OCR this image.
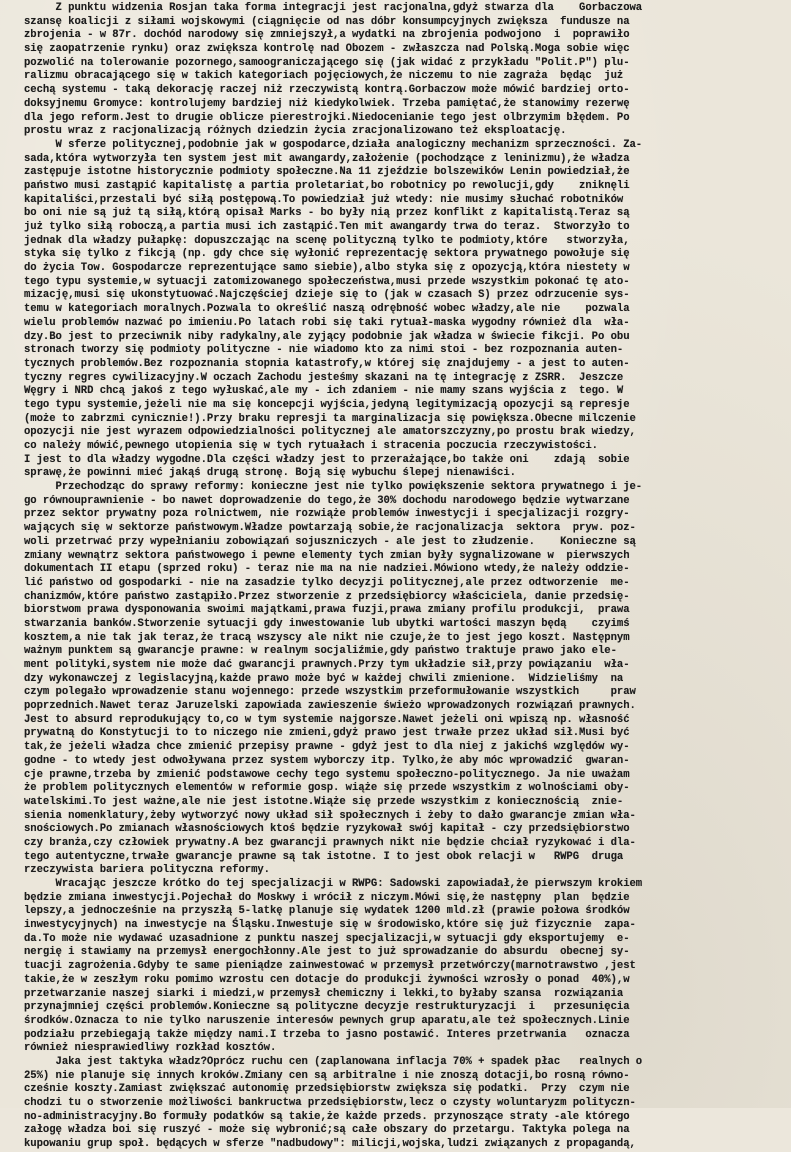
Z punktu widzenia Rosjan taka forma integracji jest racjonalna,gdyż stwarza dla    Gorbaczowa
szansę koalicji z siłami wojskowymi (ciągnięcie od nas dóbr konsumpcyjnych zwiększa  fundusze na
zbrojenia - w 87r. dochód narodowy się zmniejszył,a wydatki na zbrojenia podwojono  i  poprawiło
się zaopatrzenie rynku) oraz zwiększa kontrolę nad Obozem - zwłaszcza nad Polską.Moga sobie więc
pozwolić na tolerowanie pozornego,samoograniczającego się (jak widać z przykładu "Polit.P") plu-
ralizmu obracającego się w takich kategoriach pojęciowych,że niczemu to nie zagraża  będąc  już
cechą systemu - taką dekorację raczej niż rzeczywistą kontrą.Gorbaczow może mówić bardziej orto-
doksyjnemu Gromyce: kontrolujemy bardziej niż kiedykolwiek. Trzeba pamiętać,że stanowimy rezerwę
dla jego reform.Jest to drugie oblicze pierestrojki.Niedocenianie tego jest olbrzymim błędem. Po
prostu wraz z racjonalizacją różnych dziedzin życia zracjonalizowano też eksploatację.
W sferze politycznej,podobnie jak w gospodarce,działa analogiczny mechanizm sprzeczności. Za-
sada,która wytworzyła ten system jest mit awangardy,założenie (pochodzące z leninizmu),że władza
zastępuje istotne historycznie podmioty społeczne.Na 11 zjeździe bolszewików Lenin powiedział,że
państwo musi zastąpić kapitalistę a partia proletariat,bo robotnicy po rewolucji,gdy    zniknęli
kapitaliści,przestali być siłą postępową.To powiedział już wtedy: nie musimy słuchać robotników
bo oni nie są już tą siłą,którą opisał Marks - bo były nią przez konflikt z kapitalistą.Teraz są
już tylko siłą roboczą,a partia musi ich zastąpić.Ten mit awangardy trwa do teraz.  Stworzyło to
jednak dla władzy pułapkę: dopuszczając na scenę polityczną tylko te podmioty,które   stworzyła,
styka się tylko z fikcją (np. gdy chce się wyłonić reprezentację sektora prywatnego powołuje się
do życia Tow. Gospodarcze reprezentujące samo siebie),albo styka się z opozycją,która niestety w
tego typu systemie,w sytuacji zatomizowanego społeczeństwa,musi przede wszystkim pokonać tę ato-
mizację,musi się ukonstytuować.Najczęściej dzieje się to (jak w czasach S) przez odrzucenie sys-
temu w kategoriach moralnych.Pozwala to określić naszą odrębność wobec władzy,ale nie    pozwala
wielu problemów nazwać po imieniu.Po latach robi się taki rytuał-maska wygodny również dla  wła-
dzy.Bo jest to przeciwnik niby radykalny,ale zyjący podobnie jak władza w świecie fikcji. Po obu
stronach tworzy się podmioty polityczne - nie wiadomo kto za nimi stoi - bez rozpoznania auten-
tycznych problemów.Bez rozpoznania stopnia katastrofy,w której się znajdujemy - a jest to auten-
tyczny regres cywilizacyjny.W oczach Zachodu jesteśmy skazani na tę integrację z ZSRR.  Jeszcze
Węgry i NRD chcą jakoś z tego wyłuskać,ale my - ich zdaniem - nie mamy szans wyjścia z  tego. W
tego typu systemie,jeżeli nie ma się koncepcji wyjścia,jedyną legitymizacją opozycji są represje
(może to zabrzmi cynicznie!).Przy braku represji ta marginalizacja się powiększa.Obecne milczenie
opozycji nie jest wyrazem odpowiedzialności politycznej ale amatorszczyzny,po prostu brak wiedzy,
co należy mówić,pewnego utopienia się w tych rytuałach i stracenia poczucia rzeczywistości.
I jest to dla władzy wygodne.Dla części władzy jest to przerażające,bo także oni    zdają  sobie
sprawę,że powinni mieć jakąś drugą stronę. Boją się wybuchu ślepej nienawiści.
Przechodząc do sprawy reformy: konieczne jest nie tylko powiększenie sektora prywatnego i je-
go równouprawnienie - bo nawet doprowadzenie do tego,że 30% dochodu narodowego będzie wytwarzane
przez sektor prywatny poza rolnictwem, nie rozwiąże problemów inwestycji i specjalizacji rozgry-
wających się w sektorze państwowym.Władze powtarzają sobie,że racjonalizacja  sektora  pryw. poz-
woli przetrwać przy wypełnianiu zobowiązań sojuszniczych - ale jest to złudzenie.    Konieczne są
zmiany wewnątrz sektora państwowego i pewne elementy tych zmian były sygnalizowane w  pierwszych
dokumentach II etapu (sprzed roku) - teraz nie ma na nie nadziei.Mówiono wtedy,że należy oddzie-
lić państwo od gospodarki - nie na zasadzie tylko decyzji politycznej,ale przez odtworzenie  me-
chanizmów,które państwo zastąpiło.Przez stworzenie z przedsiębiorcy właściciela, danie przedsię-
biorstwom prawa dysponowania swoimi majątkami,prawa fuzji,prawa zmiany profilu produkcji,  prawa
stwarzania banków.Stworzenie sytuacji gdy inwestowanie lub ubytki wartości maszyn będą    czyimś
kosztem,a nie tak jak teraz,że tracą wszyscy ale nikt nie czuje,że to jest jego koszt. Następnym
ważnym punktem są gwarancje prawne: w realnym socjaliźmie,gdy państwo traktuje prawo jako ele-
ment polityki,system nie może dać gwarancji prawnych.Przy tym układzie sił,przy powiązaniu  wła-
dzy wykonawczej z legislacyjną,każde prawo może być w każdej chwili zmienione.  Widzieliśmy  na
czym polegało wprowadzenie stanu wojennego: przede wszystkim przeformułowanie wszystkich     praw
poprzednich.Nawet teraz Jaruzelski zapowiada zawieszenie świeżo wprowadzonych rozwiązań prawnych.
Jest to absurd reprodukujący to,co w tym systemie najgorsze.Nawet jeżeli oni wpiszą np. własność
prywatną do Konstytucji to to niczego nie zmieni,gdyż prawo jest trwałe przez układ sił.Musi być
tak,że jeżeli władza chce zmienić przepisy prawne - gdyż jest to dla niej z jakichś względów wy-
godne - to wtedy jest odwoływana przez system wyborczy itp. Tylko,że aby móc wprowadzić  gwaran-
cje prawne,trzeba by zmienić podstawowe cechy tego systemu społeczno-politycznego. Ja nie uważam
że problem politycznych elementów w reformie gosp. wiąże się przede wszystkim z wolnościami oby-
watelskimi.To jest ważne,ale nie jest istotne.Wiąże się przede wszystkim z koniecznością  znie-
sienia nomenklatury,żeby wytworzyć nowy układ sił społecznych i żeby to dało gwarancje zmian wła-
snościowych.Po zmianach własnościowych ktoś będzie ryzykował swój kapitał - czy przedsiębiorstwo
czy branża,czy człowiek prywatny.A bez gwarancji prawnych nikt nie będzie chciał ryzykować i dla-
tego autentyczne,trwałe gwarancje prawne są tak istotne. I to jest obok relacji w   RWPG  druga
rzeczywista bariera polityczna reformy.
Wracając jeszcze krótko do tej specjalizacji w RWPG: Sadowski zapowiadał,że pierwszym krokiem
będzie zmiana inwestycji.Pojechał do Moskwy i wrócił z niczym.Mówi się,że następny  plan  będzie
lepszy,a jednocześnie na przyszłą 5-latkę planuje się wydatek 1200 mld.zł (prawie połowa środków
inwestycyjnych) na inwestycje na Śląsku.Inwestuje się w środowisko,które się już fizycznie  zapa-
da.To może nie wydawać uzasadnione z punktu naszej specjalizacji,w sytuacji gdy eksportujemy  e-
nergię i stawiamy na przemysł energochłonny.Ale jest to już sprowadzanie do absurdu  obecnej sy-
tuacji zagrożenia.Gdyby te same pieniądze zainwestować w przemysł przetwórczy(marnotrawstwo ,jest
takie,że w zeszłym roku pomimo wzrostu cen dotacje do produkcji żywności wzrosły o ponad  40%),w
przetwarzanie naszej siarki i miedzi,w przemysł chemiczny i lekki,to byłaby szansa  rozwiązania
przynajmniej części problemów.Konieczne są polityczne decyzje restrukturyzacji  i   przesunięcia
środków.Oznacza to nie tylko naruszenie interesów pewnych grup aparatu,ale też społecznych.Linie
podziału przebiegają także między nami.I trzeba to jasno postawić. Interes przetrwania   oznacza
również niesprawiedliwy rozkład kosztów.
Jaka jest taktyka władz?Oprócz ruchu cen (zaplanowana inflacja 70% + spadek płac   realnych o
25%) nie planuje się innych kroków.Zmiany cen są arbitralne i nie znoszą dotacji,bo rosną równo-
cześnie koszty.Zamiast zwiększać autonomię przedsiębiorstw zwiększa się podatki.  Przy  czym nie
chodzi tu o stworzenie możliwości bankructwa przedsiębiorstw,lecz o czysty woluntaryzm polityczn-
no-administracyjny.Bo formuły podatków są takie,że każde przeds. przynoszące straty -ale którego
załogę władza boi się ruszyć - może się wybronić;są całe obszary do przetargu. Taktyka polega na
kupowaniu grup społ. będących w sferze "nadbudowy": milicji,wojska,ludzi związanych z propagandą,
